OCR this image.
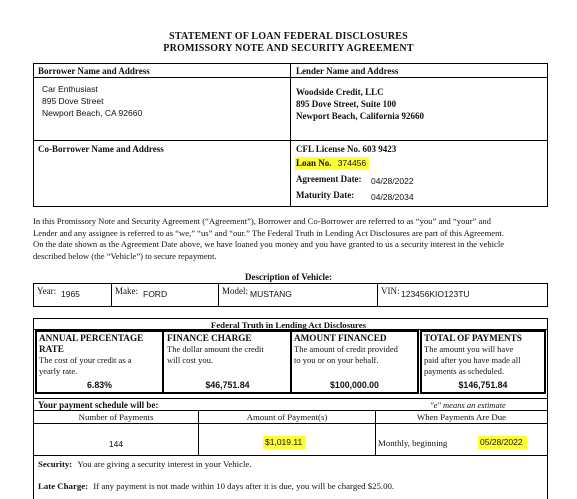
STATEMENT OF LOAN FEDERAL DISCLOSURES
PROMISSORY NOTE AND SECURITY AGREEMENT
Borrower Name and Address	Lender Name and Address
Car Enthusiast
895 Dove Street
Newport Beach, CA 92660
Woodside Credit, LLC
895 Dove Street, Suite 100
Newport Beach, California 92660
Co-Borrower Name and Address	CFL License No. 603 9423
Loan No. 374456
Agreement Date: 04/28/2022
Maturity Date: 04/28/2034
In this Promissory Note and Security Agreement (“Agreement”), Borrower and Co-Borrower are referred to as “you” and “your” and
Lender and any assignee is referred to as “we,” “us” and “our.” The Federal Truth in Lending Act Disclosures are part of this Agreement.
On the date shown as the Agreement Date above, we have loaned you money and you have granted to us a security interest in the vehicle
described below (the “Vehicle”) to secure repayment.
Description of Vehicle:
Year: 1965	Make: FORD	Model: MUSTANG	VIN: 123456KIO123TU
Federal Truth in Lending Act Disclosures
ANNUAL PERCENTAGE
RATE
The cost of your credit as a
yearly rate.
6.83%
FINANCE CHARGE
The dollar amount the credit
will cost you.
$46,751.84
AMOUNT FINANCED
The amount of credit provided
to you or on your behalf.
$100,000.00
TOTAL OF PAYMENTS
The amount you will have
paid after you have made all
payments as scheduled.
$146,751.84
Your payment schedule will be:	"e" means an estimate
Number of Payments	Amount of Payment(s)	When Payments Are Due
144	$1,019.11	Monthly, beginning	05/28/2022
Security: You are giving a security interest in your Vehicle.
Late Charge: If any payment is not made within 10 days after it is due, you will be charged $25.00.
